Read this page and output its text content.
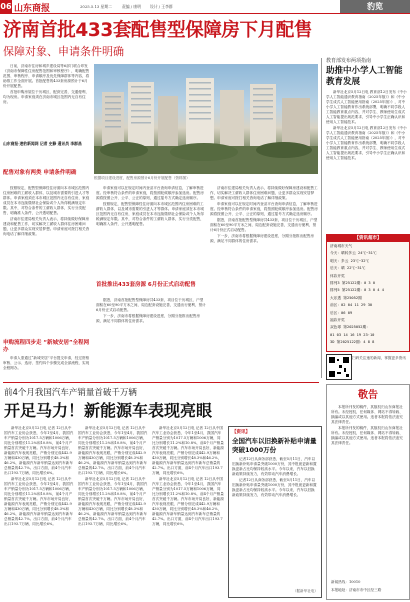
06 山东商报	2025.5.13 星期二	责编 / 康明 设计 / 王李群	豹览
济南首批433套配售型保障房下月配售
保障对象、申请条件明确

日前，济南市住房和城乡建设局等6部门联合印发《济南市保障性住房配售范围和审核程序》，明确配售范围、审核程序、申请顺序及优先保障群体等内容，将助推工作全面开展。首批配售的433套房源预计于6月份开展配售。

首批申购房屋位于历城区，配套完善，交通便利，均为现房。申请家庭须在济南市城区范围内无自有住房。

山东商报·速豹新闻网 记者 史静 通讯员 李群昌
根据项目建设进度，配售房源预计6月份开展配售（资料图）
配售对象有两类 申请条件明确

按照规定，配售型保障性住房面向本市城区范围内住房困难的工薪收入群体，以及城市需要的引进人才等群体。申请家庭须在本市城区范围内无自有住房，家庭成员在本市连续缴纳社会保险或个人所得税满规定年限。其中，对符合条件的工薪收入群体，实行分类配售，明确准入条件，公开透明配售。

济南市住建局相关负责人表示，将持续做好保障房建设和配售工作，切实解决工薪收入群体住房困难问题，让更多群众实现安居梦想。申请家庭可拨打相关咨询电话了解详细政策。

申购流程四步走 “新城安居”全程网办

申请人需通过“新城安居”平台提交申请，经过资格审核、公示、选房、签约四个步骤完成全部流程，实现全程网办。

申请家庭可以在规定时间内登录平台查询申请信息，了解审核进度。经审核符合条件的申请家庭，将按照轮候顺序参加选房。配售房源将按照公开、公平、公正的原则，通过摇号方式确定选房顺序。

按照规定，配售型保障性住房面向本市城区范围内住房困难的工薪收入群体，以及城市需要的引进人才等群体。申请家庭须在本市城区范围内无自有住房，家庭成员在本市连续缴纳社会保险或个人所得税满规定年限。其中，对符合条件的工薪收入群体，实行分类配售，明确准入条件，公开透明配售。

首批推出433套房源 6月份正式启动配售

据悉，济南首批配售型保障房共433套，项目位于历城区，户型面积在60至90平方米之间，周边配套设施完善，交通出行便利，预计6月份正式启动配售。

下一步，济南市将根据保障房建设进度，分期分批推出配售房源，满足不同群体的住房需求。

济南市住建局相关负责人表示，将持续做好保障房建设和配售工作，切实解决工薪收入群体住房困难问题，让更多群众实现安居梦想。申请家庭可拨打相关咨询电话了解详细政策。

申请家庭可以在规定时间内登录平台查询申请信息，了解审核进度。经审核符合条件的申请家庭，将按照轮候顺序参加选房。配售房源将按照公开、公平、公正的原则，通过摇号方式确定选房顺序。

据悉，济南首批配售型保障房共433套，项目位于历城区，户型面积在60至90平方米之间，周边配套设施完善，交通出行便利，预计6月份正式启动配售。

下一步，济南市将根据保障房建设进度，分期分批推出配售房源，满足不同群体的住房需求。

教育部发布两项指南
助推中小学人工智能教育发展

新华社北京5月12日电 教育部12日发布《中小学人工智能通识教育指南（2025年版）》和《中小学生成式人工智能使用指南（2025年版）》，对中小学人工智能教育作出系统部署，明确不同学段人工智能教育重点内容，并对学生、教师使用生成式人工智能提出规范要求，引导中小学生正确认识和使用人工智能技术。

新华社北京5月12日电 教育部12日发布《中小学人工智能通识教育指南（2025年版）》和《中小学生成式人工智能使用指南（2025年版）》，对中小学人工智能教育作出系统部署，明确不同学段人工智能教育重点内容，并对学生、教师使用生成式人工智能提出规范要求，引导中小学生正确认识和使用人工智能技术。

【资讯超市】
济南城市天气
今天：晴转多云 24℃~31℃
明天：多云 23℃~32℃
后天：晴 22℃~31℃
体彩开奖
排列3 第25122期：0 3 0
排列5 第25122期：0 3 0 4 4
大乐透 第25052期
前区：02 04 11 29 30
后区：06 09
福彩开奖
双色球 第2025052期：
01 03 14 16 19 23·10
3D 第2025122期：4 8 8
扫码关注速豹新闻，掌握更多资讯
前4个月我国汽车产销量首破千万辆
开足马力！新能源车表现亮眼

新华社北京5月12日电 记者 12日从中国汽车工业协会获悉，今年1至4月，我国汽车产销量分别为1017.5万辆和1006万辆，同比分别增长11.2%和10.8%，前4个月产销量首次突破千万辆。汽车市场开局良好，新能源汽车表现亮眼，产销分别完成442.9万辆和430万辆，同比分别增长48.3%和46.2%，新能源汽车新车销量达到汽车新车总销量的42.7%。出口方面，前4个月汽车出口193.7万辆，同比增长6%。

新华社北京5月12日电 记者 12日从中国汽车工业协会获悉，今年1至4月，我国汽车产销量分别为1017.5万辆和1006万辆，同比分别增长11.2%和10.8%，前4个月产销量首次突破千万辆。汽车市场开局良好，新能源汽车表现亮眼，产销分别完成442.9万辆和430万辆，同比分别增长48.3%和46.2%，新能源汽车新车销量达到汽车新车总销量的42.7%。出口方面，前4个月汽车出口193.7万辆，同比增长6%。

新华社北京5月12日电 记者 12日从中国汽车工业协会获悉，今年1至4月，我国汽车产销量分别为1017.5万辆和1006万辆，同比分别增长11.2%和10.8%，前4个月产销量首次突破千万辆。汽车市场开局良好，新能源汽车表现亮眼，产销分别完成442.9万辆和430万辆，同比分别增长48.3%和46.2%，新能源汽车新车销量达到汽车新车总销量的42.7%。出口方面，前4个月汽车出口193.7万辆，同比增长6%。

新华社北京5月12日电 记者 12日从中国汽车工业协会获悉，今年1至4月，我国汽车产销量分别为1017.5万辆和1006万辆，同比分别增长11.2%和10.8%，前4个月产销量首次突破千万辆。汽车市场开局良好，新能源汽车表现亮眼，产销分别完成442.9万辆和430万辆，同比分别增长48.3%和46.2%，新能源汽车新车销量达到汽车新车总销量的42.7%。出口方面，前4个月汽车出口193.7万辆，同比增长6%。

新华社北京5月12日电 记者 12日从中国汽车工业协会获悉，今年1至4月，我国汽车产销量分别为1017.5万辆和1006万辆，同比分别增长11.2%和10.8%，前4个月产销量首次突破千万辆。汽车市场开局良好，新能源汽车表现亮眼，产销分别完成442.9万辆和430万辆，同比分别增长48.3%和46.2%，新能源汽车新车销量达到汽车新车总销量的42.7%。出口方面，前4个月汽车出口193.7万辆，同比增长6%。

新华社北京5月12日电 记者 12日从中国汽车工业协会获悉，今年1至4月，我国汽车产销量分别为1017.5万辆和1006万辆，同比分别增长11.2%和10.8%，前4个月产销量首次突破千万辆。汽车市场开局良好，新能源汽车表现亮眼，产销分别完成442.9万辆和430万辆，同比分别增长48.3%和46.2%，新能源汽车新车销量达到汽车新车总销量的42.7%。出口方面，前4个月汽车出口193.7万辆，同比增长6%。

【资讯】
全国汽车以旧换新补贴申请量突破1000万份

记者12日从商务部获悉，截至5月11日，汽车以旧换新补贴申请量突破1000万份，其中报废更新和置换更新占比均保持较高水平。今年以来，汽车以旧换新政策持续发力，有效带动汽车消费增长。

记者12日从商务部获悉，截至5月11日，汽车以旧换新补贴申请量突破1000万份，其中报废更新和置换更新占比均保持较高水平。今年以来，汽车以旧换新政策持续发力，有效带动汽车消费增长。

（据新华社电）
敬告

本报所刊发的稿件，其版权归山东商报社所有。未经授权，任何媒体、网站不得转载、摘编或以其他方式使用。违者本报将依法追究其法律责任。

本报所刊发的稿件，其版权归山东商报社所有。未经授权，任何媒体、网站不得转载、摘编或以其他方式使用。违者本报将依法追究其法律责任。

新闻热线：10010
本报地址：济南市市中区经三路
